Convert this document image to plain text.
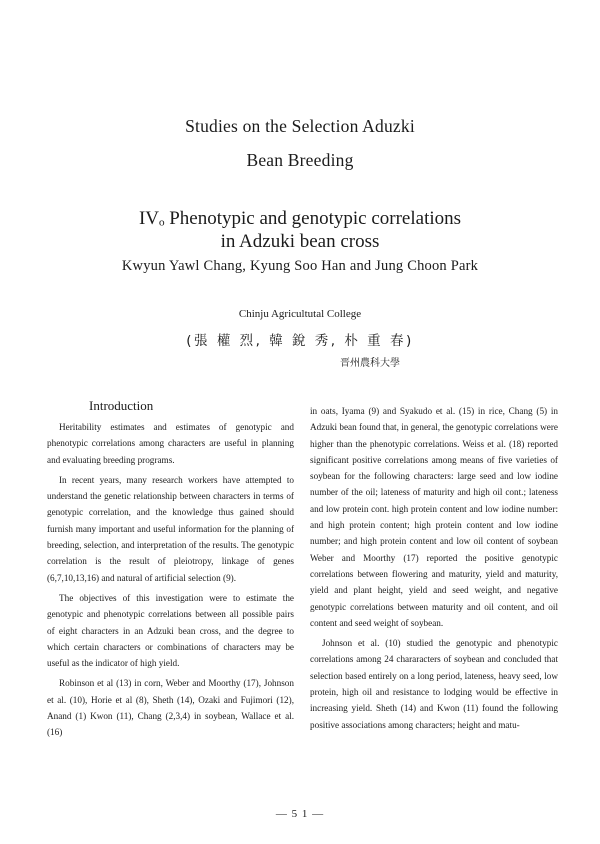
Studies on the Selection Aduzki
Bean Breeding
IVₒ Phenotypic and genotypic correlations
in Adzuki bean cross
Kwyun Yawl Chang, Kyung Soo Han and Jung Choon Park
Chinju Agricultutal College
(張 權 烈, 韓 銳 秀, 朴 重 春)
晋州農科大學
Introduction

Heritability estimates and estimates of genotypic and phenotypic correlations among characters are useful in planning and evaluating breeding programs.

In recent years, many research workers have attempted to understand the genetic relationship between characters in terms of genotypic correlation, and the knowledge thus gained should furnish many important and useful information for the planning of breeding, selection, and interpretation of the results. The genotypic correlation is the result of pleiotropy, linkage of genes (6,7,10,13,16) and natural of artificial selection (9).

The objectives of this investigation were to estimate the genotypic and phenotypic correlations between all possible pairs of eight characters in an Adzuki bean cross, and the degree to which certain characters or combinations of characters may be useful as the indicator of high yield.

Robinson et al (13) in corn, Weber and Moorthy (17), Johnson et al. (10), Horie et al (8), Sheth (14), Ozaki and Fujimori (12), Anand (1) Kwon (11), Chang (2,3,4) in soybean, Wallace et al. (16)

in oats, Iyama (9) and Syakudo et al. (15) in rice, Chang (5) in Adzuki bean found that, in general, the genotypic correlations were higher than the phenotypic correlations. Weiss et al. (18) reported significant positive correlations among means of five varieties of soybean for the following characters: large seed and low iodine number of the oil; lateness of maturity and high oil cont.; lateness and low protein cont. high protein content and low iodine number: and high protein content; high protein content and low iodine number; and high protein content and low oil content of soybean Weber and Moorthy (17) reported the positive genotypic correlations between flowering and maturity, yield and maturity, yield and plant height, yield and seed weight, and negative genotypic correlations between maturity and oil content, and oil content and seed weight of soybean.

Johnson et al. (10) studied the genotypic and phenotypic correlations among 24 chararacters of soybean and concluded that selection based entirely on a long period, lateness, heavy seed, low protein, high oil and resistance to lodging would be effective in increasing yield. Sheth (14) and Kwon (11) found the following positive associations among characters; height and matu-

— 5 1 —
